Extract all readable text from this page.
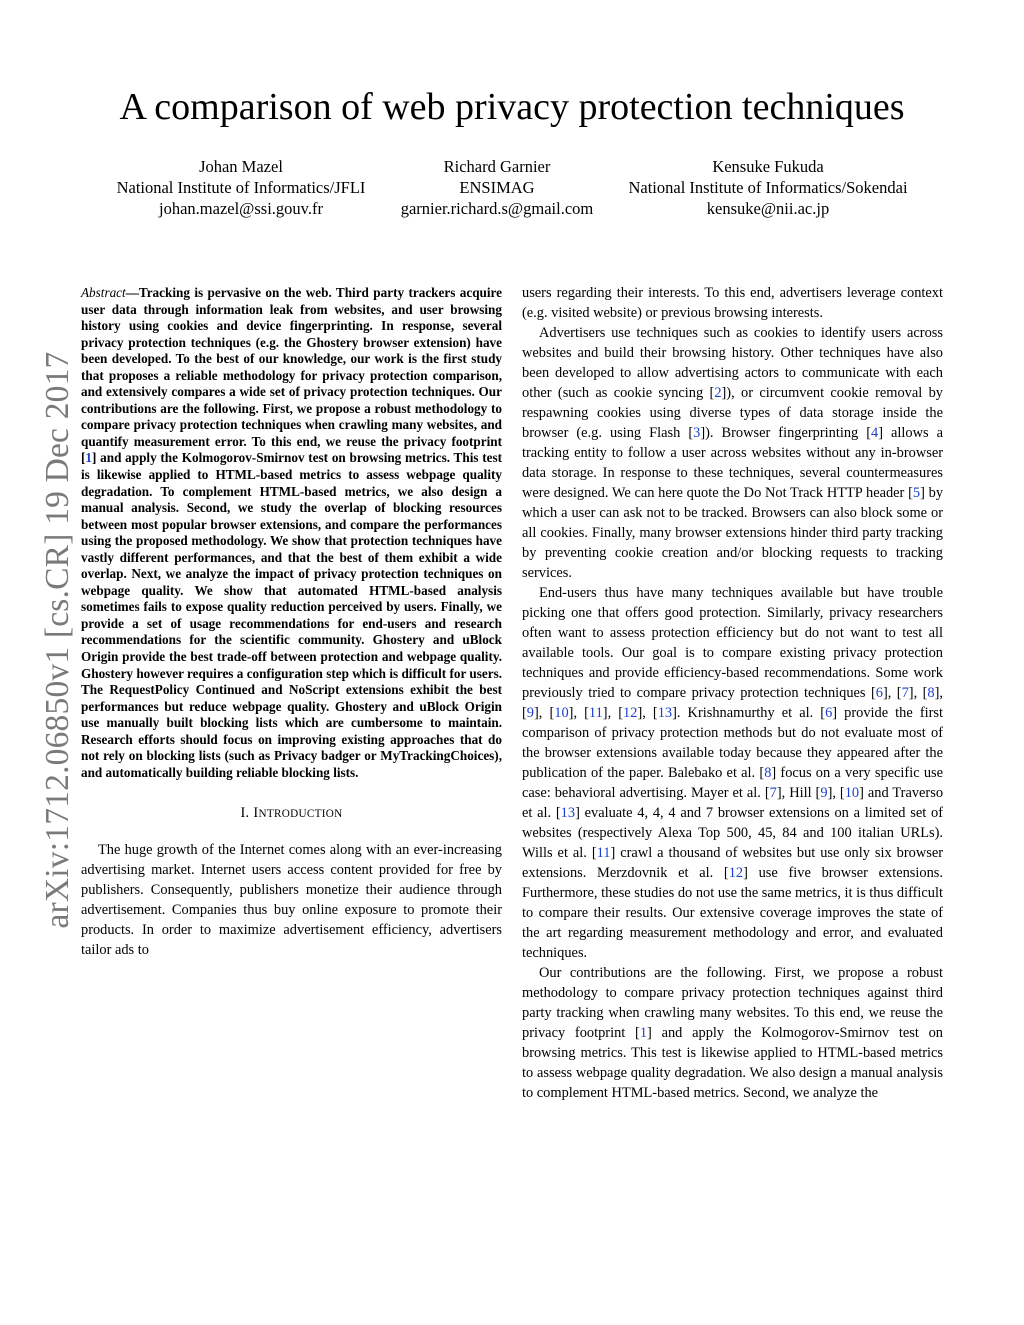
A comparison of web privacy protection techniques
Johan Mazel
National Institute of Informatics/JFLI
johan.mazel@ssi.gouv.fr
Richard Garnier
ENSIMAG
garnier.richard.s@gmail.com
Kensuke Fukuda
National Institute of Informatics/Sokendai
kensuke@nii.ac.jp
arXiv:1712.06850v1 [cs.CR] 19 Dec 2017

Abstract—Tracking is pervasive on the web. Third party trackers acquire user data through information leak from websites, and user browsing history using cookies and device fingerprinting. In response, several privacy protection techniques (e.g. the Ghostery browser extension) have been developed. To the best of our knowledge, our work is the first study that proposes a reliable methodology for privacy protection comparison, and extensively compares a wide set of privacy protection techniques. Our contributions are the following. First, we propose a robust methodology to compare privacy protection techniques when crawling many websites, and quantify measurement error. To this end, we reuse the privacy footprint [1] and apply the Kolmogorov-Smirnov test on browsing metrics. This test is likewise applied to HTML-based metrics to assess webpage quality degradation. To complement HTML-based metrics, we also design a manual analysis. Second, we study the overlap of blocking resources between most popular browser extensions, and compare the performances using the proposed methodology. We show that protection techniques have vastly different performances, and that the best of them exhibit a wide overlap. Next, we analyze the impact of privacy protection techniques on webpage quality. We show that automated HTML-based analysis sometimes fails to expose quality reduction perceived by users. Finally, we provide a set of usage recommendations for end-users and research recommendations for the scientific community. Ghostery and uBlock Origin provide the best trade-off between protection and webpage quality. Ghostery however requires a configuration step which is difficult for users. The RequestPolicy Continued and NoScript extensions exhibit the best performances but reduce webpage quality. Ghostery and uBlock Origin use manually built blocking lists which are cumbersome to maintain. Research efforts should focus on improving existing approaches that do not rely on blocking lists (such as Privacy badger or MyTrackingChoices), and automatically building reliable blocking lists.

I. INTRODUCTION

The huge growth of the Internet comes along with an ever-increasing advertising market. Internet users access content provided for free by publishers. Consequently, publishers monetize their audience through advertisement. Companies thus buy online exposure to promote their products. In order to maximize advertisement efficiency, advertisers tailor ads to

users regarding their interests. To this end, advertisers leverage context (e.g. visited website) or previous browsing interests.

Advertisers use techniques such as cookies to identify users across websites and build their browsing history. Other techniques have also been developed to allow advertising actors to communicate with each other (such as cookie syncing [2]), or circumvent cookie removal by respawning cookies using diverse types of data storage inside the browser (e.g. using Flash [3]). Browser fingerprinting [4] allows a tracking entity to follow a user across websites without any in-browser data storage. In response to these techniques, several countermeasures were designed. We can here quote the Do Not Track HTTP header [5] by which a user can ask not to be tracked. Browsers can also block some or all cookies. Finally, many browser extensions hinder third party tracking by preventing cookie creation and/or blocking requests to tracking services.

End-users thus have many techniques available but have trouble picking one that offers good protection. Similarly, privacy researchers often want to assess protection efficiency but do not want to test all available tools. Our goal is to compare existing privacy protection techniques and provide efficiency-based recommendations. Some work previously tried to compare privacy protection techniques [6], [7], [8], [9], [10], [11], [12], [13]. Krishnamurthy et al. [6] provide the first comparison of privacy protection methods but do not evaluate most of the browser extensions available today because they appeared after the publication of the paper. Balebako et al. [8] focus on a very specific use case: behavioral advertising. Mayer et al. [7], Hill [9], [10] and Traverso et al. [13] evaluate 4, 4, 4 and 7 browser extensions on a limited set of websites (respectively Alexa Top 500, 45, 84 and 100 italian URLs). Wills et al. [11] crawl a thousand of websites but use only six browser extensions. Merzdovnik et al. [12] use five browser extensions. Furthermore, these studies do not use the same metrics, it is thus difficult to compare their results. Our extensive coverage improves the state of the art regarding measurement methodology and error, and evaluated techniques.

Our contributions are the following. First, we propose a robust methodology to compare privacy protection techniques against third party tracking when crawling many websites. To this end, we reuse the privacy footprint [1] and apply the Kolmogorov-Smirnov test on browsing metrics. This test is likewise applied to HTML-based metrics to assess webpage quality degradation. We also design a manual analysis to complement HTML-based metrics. Second, we analyze the
